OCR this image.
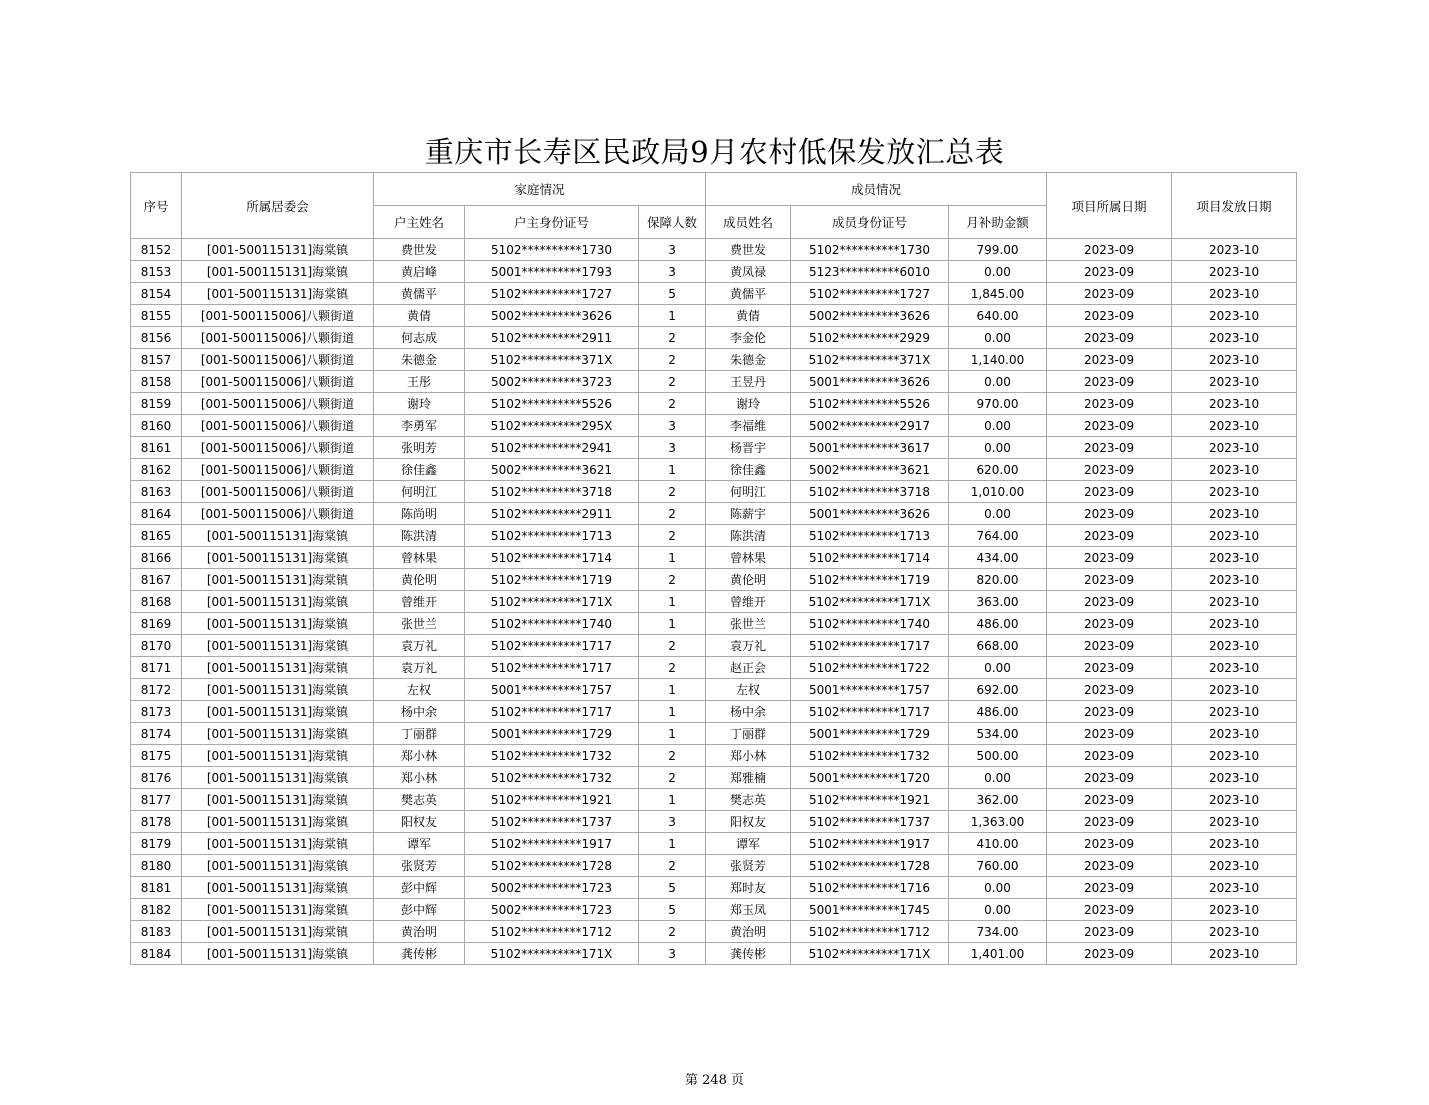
重庆市长寿区民政局9月农村低保发放汇总表
序号	所属居委会	家庭情况			成员情况			项目所属日期	项目发放日期
		户主姓名	户主身份证号	保障人数	成员姓名	成员身份证号	月补助金额		
8152	[001-500115131]海棠镇	费世发	5102**********1730	3	费世发	5102**********1730	799.00	2023-09	2023-10
8153	[001-500115131]海棠镇	黄启峰	5001**********1793	3	黄凤禄	5123**********6010	0.00	2023-09	2023-10
8154	[001-500115131]海棠镇	黄儒平	5102**********1727	5	黄儒平	5102**********1727	1,845.00	2023-09	2023-10
8155	[001-500115006]八颗街道	黄倩	5002**********3626	1	黄倩	5002**********3626	640.00	2023-09	2023-10
8156	[001-500115006]八颗街道	何志成	5102**********2911	2	李金伦	5102**********2929	0.00	2023-09	2023-10
8157	[001-500115006]八颗街道	朱德金	5102**********371X	2	朱德金	5102**********371X	1,140.00	2023-09	2023-10
8158	[001-500115006]八颗街道	王彤	5002**********3723	2	王昱丹	5001**********3626	0.00	2023-09	2023-10
8159	[001-500115006]八颗街道	谢玲	5102**********5526	2	谢玲	5102**********5526	970.00	2023-09	2023-10
8160	[001-500115006]八颗街道	李勇军	5102**********295X	3	李福维	5002**********2917	0.00	2023-09	2023-10
8161	[001-500115006]八颗街道	张明芳	5102**********2941	3	杨晋宇	5001**********3617	0.00	2023-09	2023-10
8162	[001-500115006]八颗街道	徐佳鑫	5002**********3621	1	徐佳鑫	5002**********3621	620.00	2023-09	2023-10
8163	[001-500115006]八颗街道	何明江	5102**********3718	2	何明江	5102**********3718	1,010.00	2023-09	2023-10
8164	[001-500115006]八颗街道	陈尚明	5102**********2911	2	陈薪宇	5001**********3626	0.00	2023-09	2023-10
8165	[001-500115131]海棠镇	陈洪清	5102**********1713	2	陈洪清	5102**********1713	764.00	2023-09	2023-10
8166	[001-500115131]海棠镇	曾林果	5102**********1714	1	曾林果	5102**********1714	434.00	2023-09	2023-10
8167	[001-500115131]海棠镇	黄伦明	5102**********1719	2	黄伦明	5102**********1719	820.00	2023-09	2023-10
8168	[001-500115131]海棠镇	曾维开	5102**********171X	1	曾维开	5102**********171X	363.00	2023-09	2023-10
8169	[001-500115131]海棠镇	张世兰	5102**********1740	1	张世兰	5102**********1740	486.00	2023-09	2023-10
8170	[001-500115131]海棠镇	袁万礼	5102**********1717	2	袁万礼	5102**********1717	668.00	2023-09	2023-10
8171	[001-500115131]海棠镇	袁万礼	5102**********1717	2	赵正会	5102**********1722	0.00	2023-09	2023-10
8172	[001-500115131]海棠镇	左权	5001**********1757	1	左权	5001**********1757	692.00	2023-09	2023-10
8173	[001-500115131]海棠镇	杨中余	5102**********1717	1	杨中余	5102**********1717	486.00	2023-09	2023-10
8174	[001-500115131]海棠镇	丁丽群	5001**********1729	1	丁丽群	5001**********1729	534.00	2023-09	2023-10
8175	[001-500115131]海棠镇	郑小林	5102**********1732	2	郑小林	5102**********1732	500.00	2023-09	2023-10
8176	[001-500115131]海棠镇	郑小林	5102**********1732	2	郑雅楠	5001**********1720	0.00	2023-09	2023-10
8177	[001-500115131]海棠镇	樊志英	5102**********1921	1	樊志英	5102**********1921	362.00	2023-09	2023-10
8178	[001-500115131]海棠镇	阳权友	5102**********1737	3	阳权友	5102**********1737	1,363.00	2023-09	2023-10
8179	[001-500115131]海棠镇	谭军	5102**********1917	1	谭军	5102**********1917	410.00	2023-09	2023-10
8180	[001-500115131]海棠镇	张贤芳	5102**********1728	2	张贤芳	5102**********1728	760.00	2023-09	2023-10
8181	[001-500115131]海棠镇	彭中辉	5002**********1723	5	郑时友	5102**********1716	0.00	2023-09	2023-10
8182	[001-500115131]海棠镇	彭中辉	5002**********1723	5	郑玉凤	5001**********1745	0.00	2023-09	2023-10
8183	[001-500115131]海棠镇	黄治明	5102**********1712	2	黄治明	5102**********1712	734.00	2023-09	2023-10
8184	[001-500115131]海棠镇	龚传彬	5102**********171X	3	龚传彬	5102**********171X	1,401.00	2023-09	2023-10
第 248 页
